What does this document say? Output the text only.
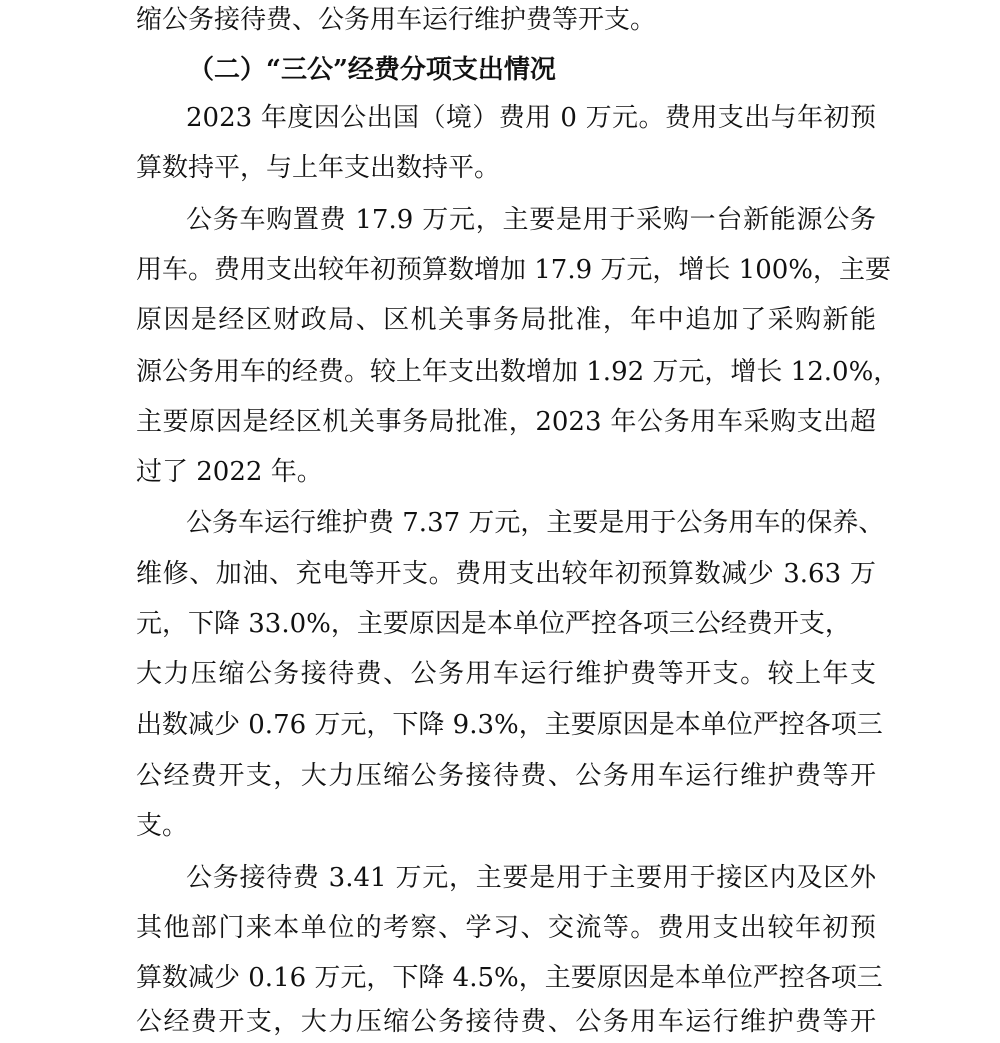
缩公务接待费、公务用车运行维护费等开支。
（二）“三公”经费分项支出情况
2023 年度因公出国（境）费用 0 万元。费用支出与年初预
算数持平，与上年支出数持平。
公务车购置费 17.9 万元，主要是用于采购一台新能源公务
用车。费用支出较年初预算数增加 17.9 万元，增长 100%，主要
原因是经区财政局、区机关事务局批准，年中追加了采购新能
源公务用车的经费。较上年支出数增加 1.92 万元，增长 12.0%，
主要原因是经区机关事务局批准，2023 年公务用车采购支出超
过了 2022 年。
公务车运行维护费 7.37 万元，主要是用于公务用车的保养、
维修、加油、充电等开支。费用支出较年初预算数减少 3.63 万
元，下降 33.0%，主要原因是本单位严控各项三公经费开支，
大力压缩公务接待费、公务用车运行维护费等开支。较上年支
出数减少 0.76 万元，下降 9.3%，主要原因是本单位严控各项三
公经费开支，大力压缩公务接待费、公务用车运行维护费等开
支。
公务接待费 3.41 万元，主要是用于主要用于接区内及区外
其他部门来本单位的考察、学习、交流等。费用支出较年初预
算数减少 0.16 万元，下降 4.5%，主要原因是本单位严控各项三
公经费开支，大力压缩公务接待费、公务用车运行维护费等开
